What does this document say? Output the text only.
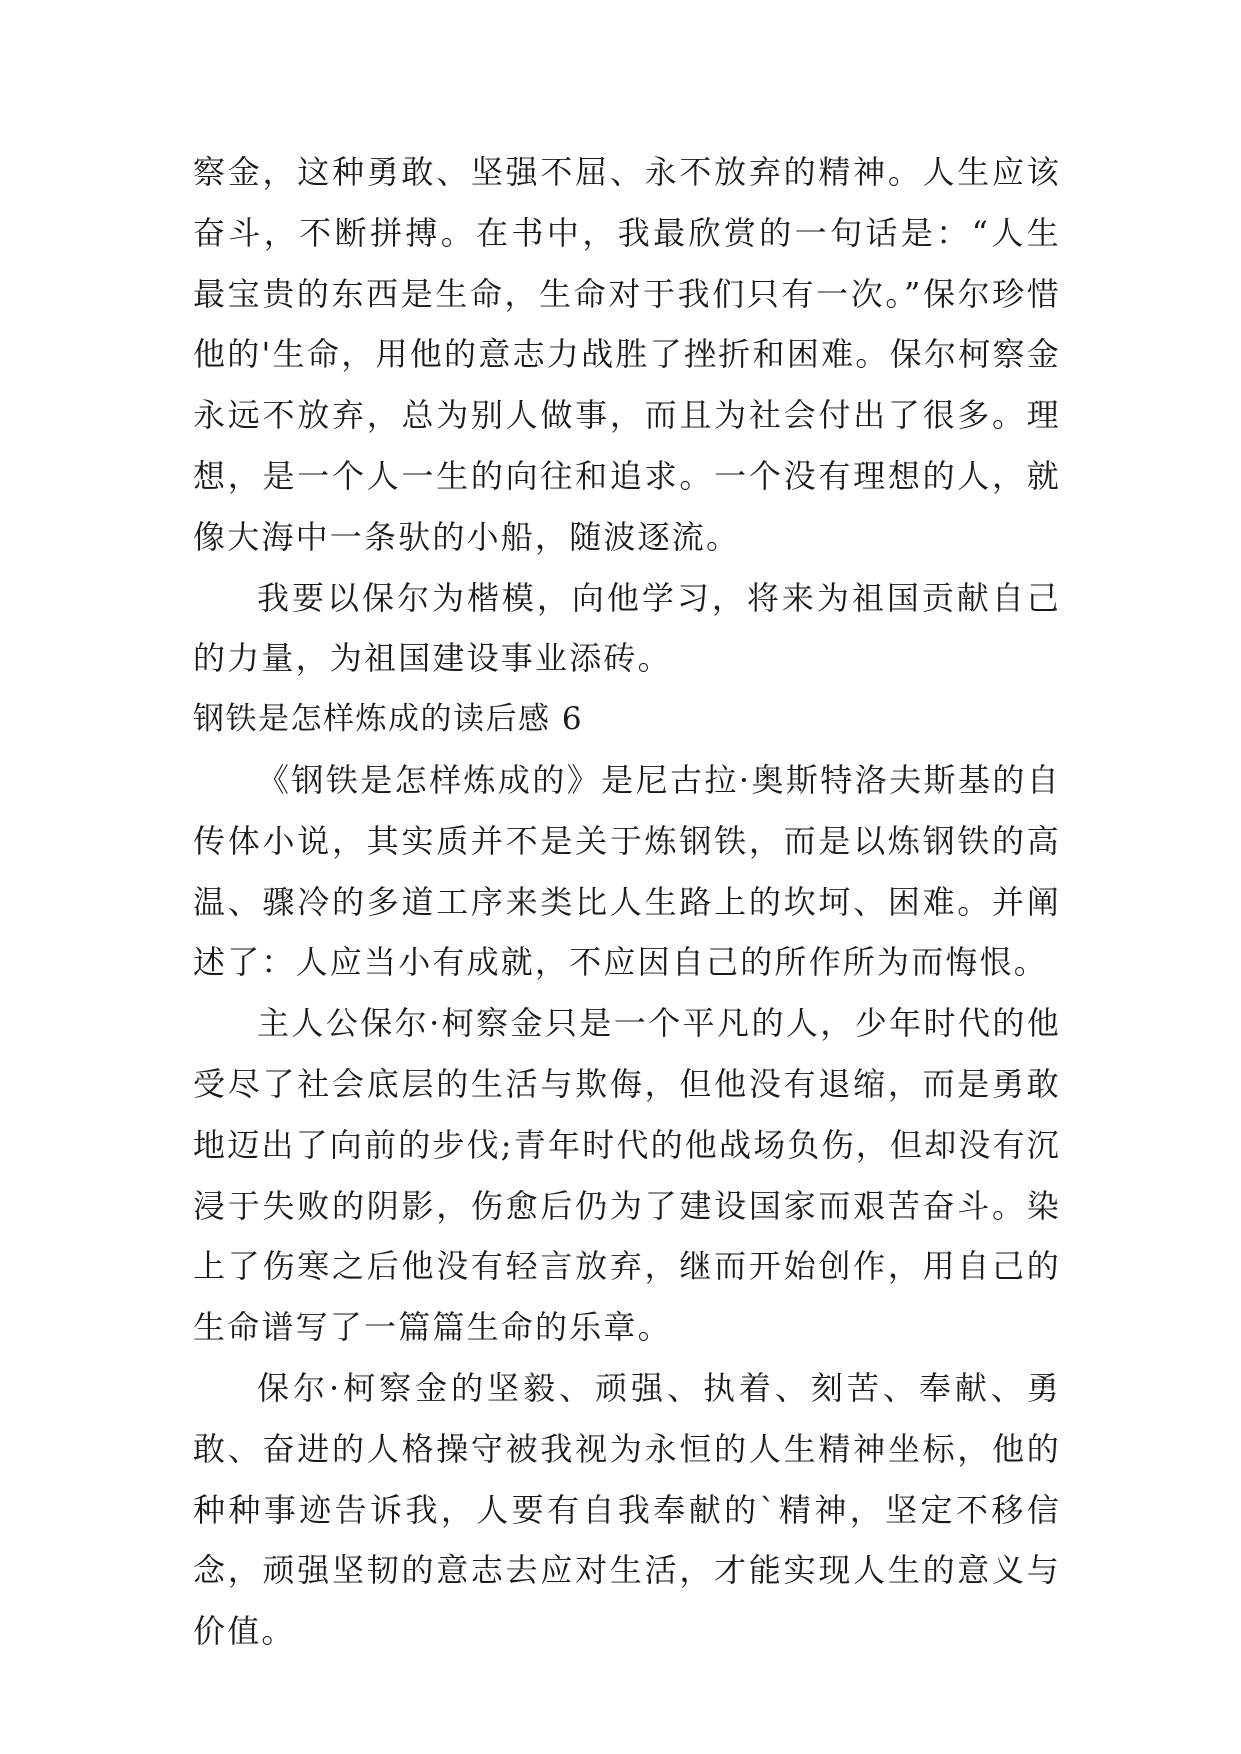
察金，这种勇敢、坚强不屈、永不放弃的精神。人生应该奋斗，不断拼搏。在书中，我最欣赏的一句话是：“人生最宝贵的东西是生命，生命对于我们只有一次。”保尔珍惜他的'生命，用他的意志力战胜了挫折和困难。保尔柯察金永远不放弃，总为别人做事，而且为社会付出了很多。理想，是一个人一生的向往和追求。一个没有理想的人，就像大海中一条驮的小船，随波逐流。

我要以保尔为楷模，向他学习，将来为祖国贡献自己的力量，为祖国建设事业添砖。

钢铁是怎样炼成的读后感 6

《钢铁是怎样炼成的》是尼古拉·奥斯特洛夫斯基的自传体小说，其实质并不是关于炼钢铁，而是以炼钢铁的高温、骤冷的多道工序来类比人生路上的坎坷、困难。并阐述了：人应当小有成就，不应因自己的所作所为而悔恨。

主人公保尔·柯察金只是一个平凡的人，少年时代的他受尽了社会底层的生活与欺侮，但他没有退缩，而是勇敢地迈出了向前的步伐;青年时代的他战场负伤，但却没有沉浸于失败的阴影，伤愈后仍为了建设国家而艰苦奋斗。染上了伤寒之后他没有轻言放弃，继而开始创作，用自己的生命谱写了一篇篇生命的乐章。

保尔·柯察金的坚毅、顽强、执着、刻苦、奉献、勇敢、奋进的人格操守被我视为永恒的人生精神坐标，他的种种事迹告诉我，人要有自我奉献的`精神，坚定不移信念，顽强坚韧的意志去应对生活，才能实现人生的意义与价值。
